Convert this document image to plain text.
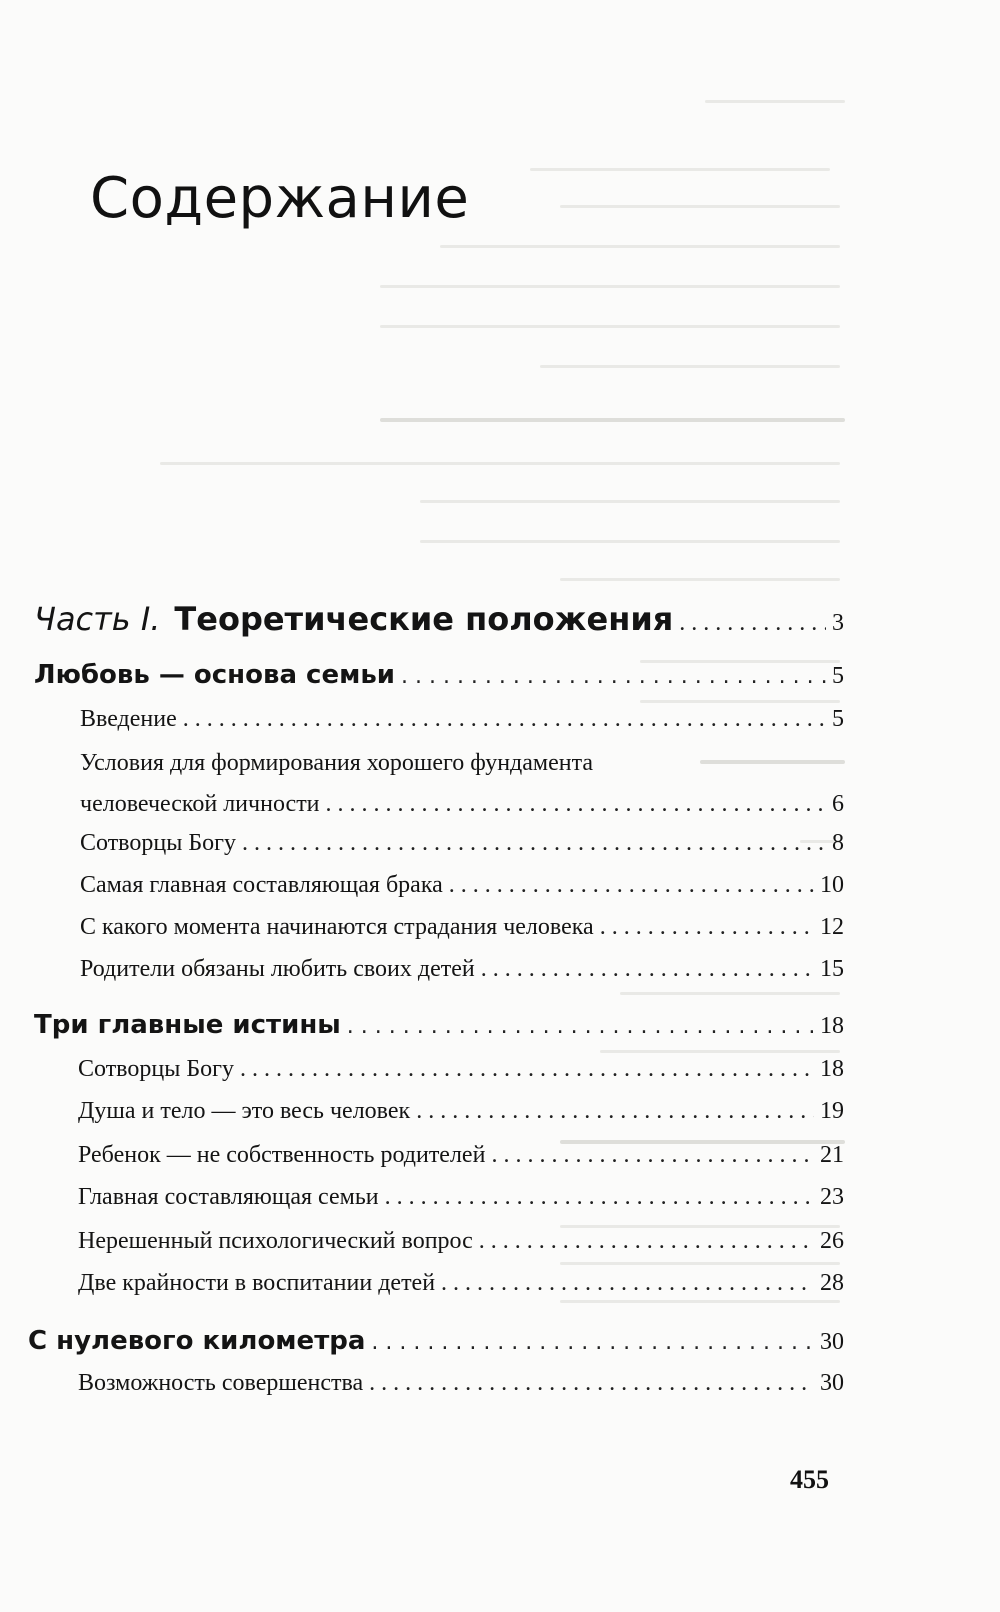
Содержание
Часть I. Теоретические положения . . .	3
Любовь — основа семьи . . .	5
Введение . . .	5
Условия для формирования хорошего фундамента
человеческой личности . . .	6
Сотворцы Богу . . .	8
Самая главная составляющая брака . . .	10
С какого момента начинаются страдания человека . . .	12
Родители обязаны любить своих детей . . .	15
Три главные истины . . .	18
Сотворцы Богу . . .	18
Душа и тело — это весь человек . . .	19
Ребенок — не собственность родителей . . .	21
Главная составляющая семьи . . .	23
Нерешенный психологический вопрос . . .	26
Две крайности в воспитании детей . . .	28
С нулевого километра . . .	30
Возможность совершенства . . .	30
455
